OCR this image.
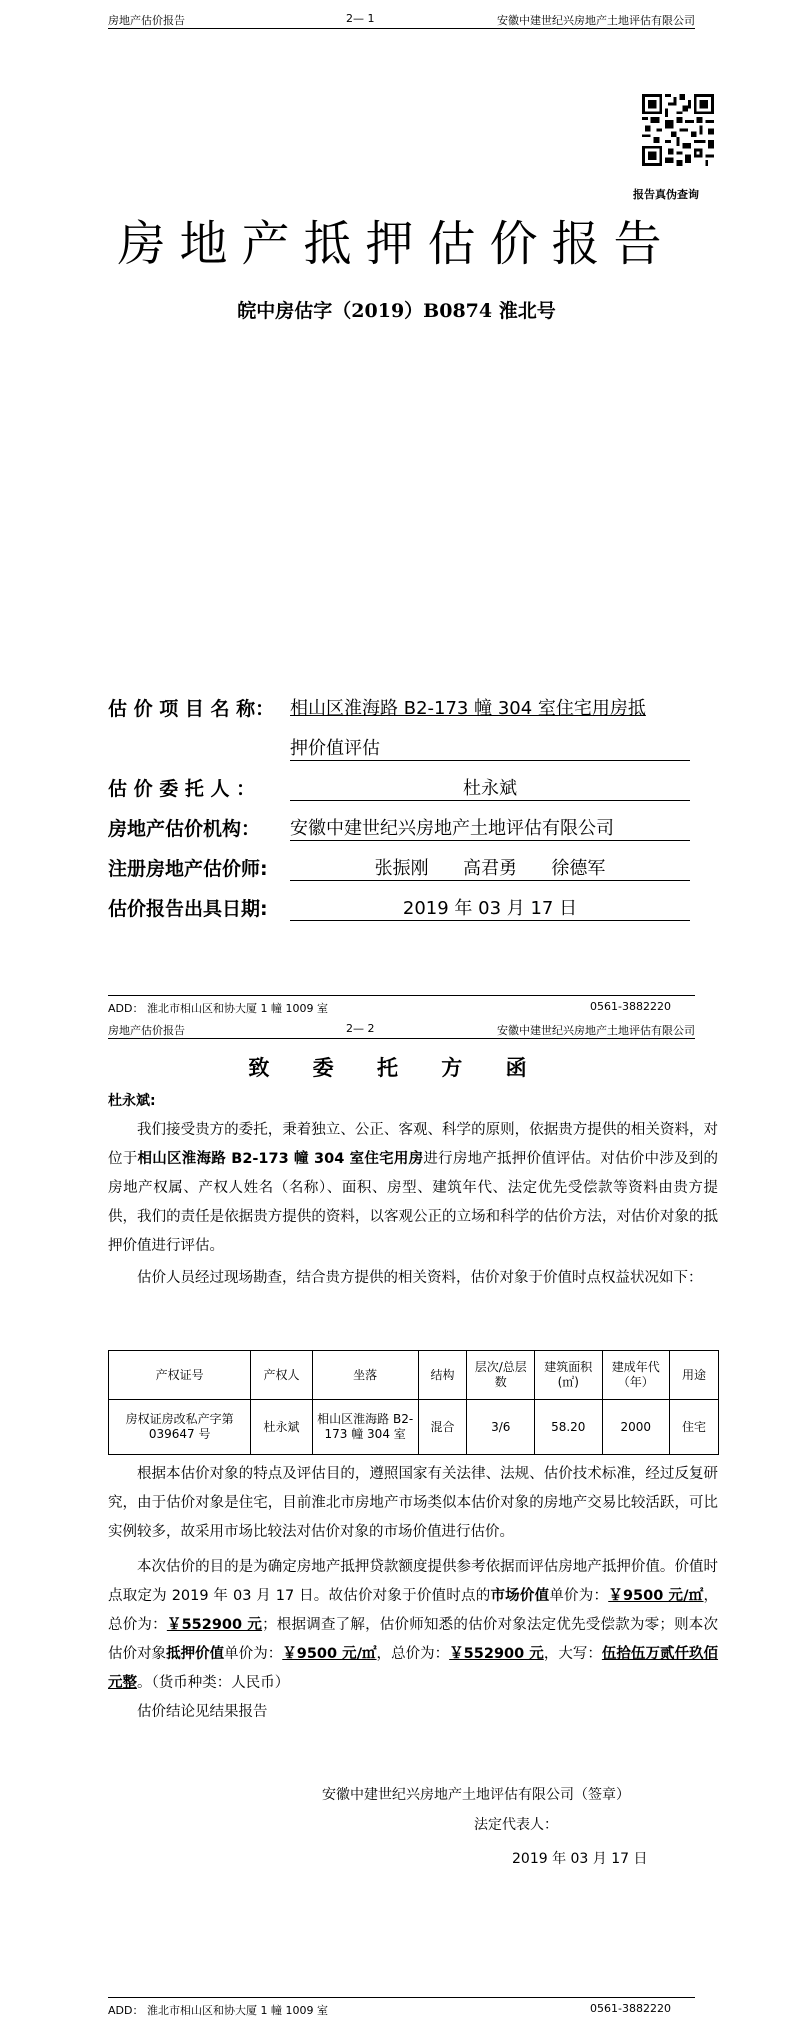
房地产估价报告	2— 1	安徽中建世纪兴房地产土地评估有限公司
报告真伪查询
房地产抵押估价报告
皖中房估字（2019）B0874 淮北号
估 价 项 目 名 称： 相山区淮海路 B2-173 幢 304 室住宅用房抵
押价值评估
估 价 委 托 人 ：	杜永斌
房地产估价机构： 安徽中建世纪兴房地产土地评估有限公司
注册房地产估价师:	张振刚      高君勇      徐德军
估价报告出具日期:	2019 年 03 月 17 日
ADD： 淮北市相山区和协大厦 1 幢 1009 室	0561-3882220
房地产估价报告	2— 2	安徽中建世纪兴房地产土地评估有限公司
致 委 托 方 函
杜永斌:

我们接受贵方的委托，秉着独立、公正、客观、科学的原则，依据贵方提供的相关资料，对位于相山区淮海路 B2-173 幢 304 室住宅用房进行房地产抵押价值评估。对估价中涉及到的房地产权属、产权人姓名（名称）、面积、房型、建筑年代、法定优先受偿款等资料由贵方提供，我们的责任是依据贵方提供的资料，以客观公正的立场和科学的估价方法，对估价对象的抵押价值进行评估。

估价人员经过现场勘查，结合贵方提供的相关资料，估价对象于价值时点权益状况如下：

产权证号	产权人	坐落	结构	层次/总层数	建筑面积(㎡)	建成年代（年）	用途
房权证房改私产字第 039647 号	杜永斌	相山区淮海路 B2-173 幢 304 室	混合	3/6	58.20	2000	住宅

根据本估价对象的特点及评估目的，遵照国家有关法律、法规、估价技术标准，经过反复研究，由于估价对象是住宅，目前淮北市房地产市场类似本估价对象的房地产交易比较活跃，可比实例较多，故采用市场比较法对估价对象的市场价值进行估价。

本次估价的目的是为确定房地产抵押贷款额度提供参考依据而评估房地产抵押价值。价值时点取定为 2019 年 03 月 17 日。故估价对象于价值时点的市场价值单价为：￥9500 元/㎡，总价为：￥552900 元；根据调查了解，估价师知悉的估价对象法定优先受偿款为零；则本次估价对象抵押价值单价为：￥9500 元/㎡，总价为：￥552900 元，大写：伍拾伍万贰仟玖佰元整。（货币种类：人民币）

估价结论见结果报告

安徽中建世纪兴房地产土地评估有限公司（签章）
法定代表人：
2019 年 03 月 17 日
ADD： 淮北市相山区和协大厦 1 幢 1009 室	0561-3882220
